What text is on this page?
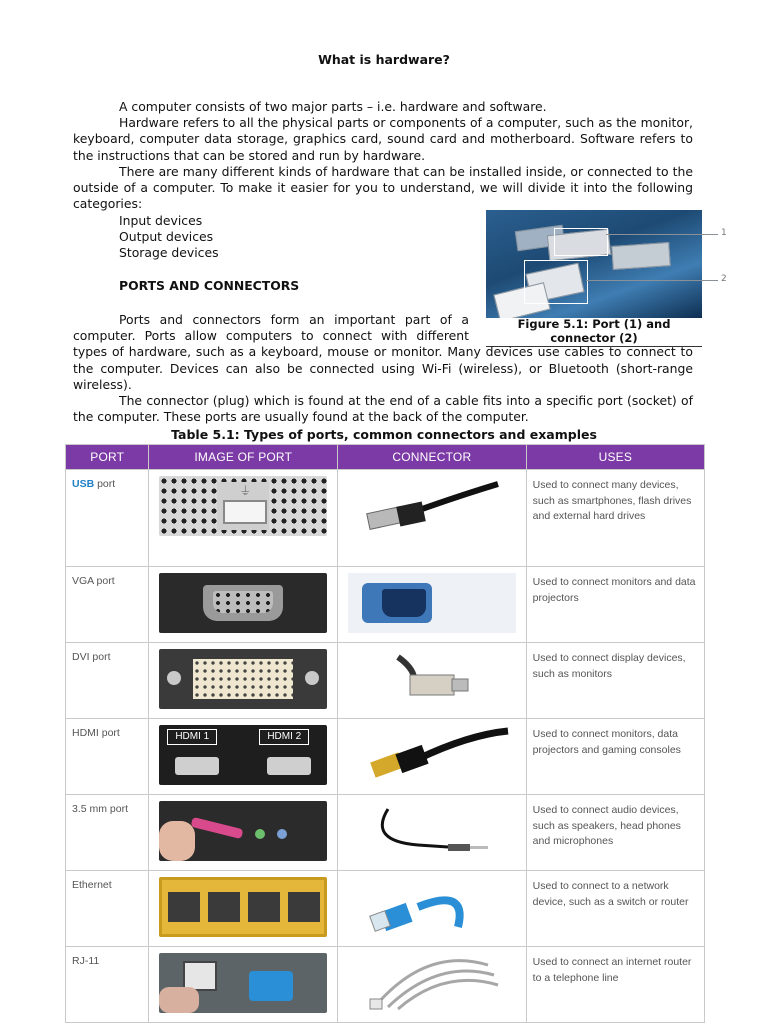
What is hardware?

A computer consists of two major parts – i.e. hardware and software.

Hardware refers to all the physical parts or components of a computer, such as the monitor, keyboard, computer data storage, graphics card, sound card and motherboard. Software refers to the instructions that can be stored and run by hardware.

There are many different kinds of hardware that can be installed inside, or connected to the outside of a computer. To make it easier for you to understand, we will divide it into the following categories:

Input devices
Output devices
Storage devices

PORTS AND CONNECTORS

1
2
Figure 5.1: Port (1) and connector (2)

Ports and connectors form an important part of a computer. Ports allow computers to connect with different types of hardware, such as a keyboard, mouse or monitor. Many devices use cables to connect to the computer. Devices can also be connected using Wi-Fi (wireless), or Bluetooth (short-range wireless).

The connector (plug) which is found at the end of a cable fits into a specific port (socket) of the computer. These ports are usually found at the back of the computer.

Table 5.1: Types of ports, common connectors and examples
PORT	IMAGE OF PORT	CONNECTOR	USES
USB port	⏚		Used to connect many devices, such as smartphones, flash drives and external hard drives
VGA port			Used to connect monitors and data projectors
DVI port			Used to connect display devices, such as monitors
HDMI port	HDMI 1 HDMI 2		Used to connect monitors, data projectors and gaming consoles
3.5 mm port			Used to connect audio devices, such as speakers, head phones and microphones
Ethernet			Used to connect to a network device, such as a switch or router
RJ-11			Used to connect an internet router to a telephone line
